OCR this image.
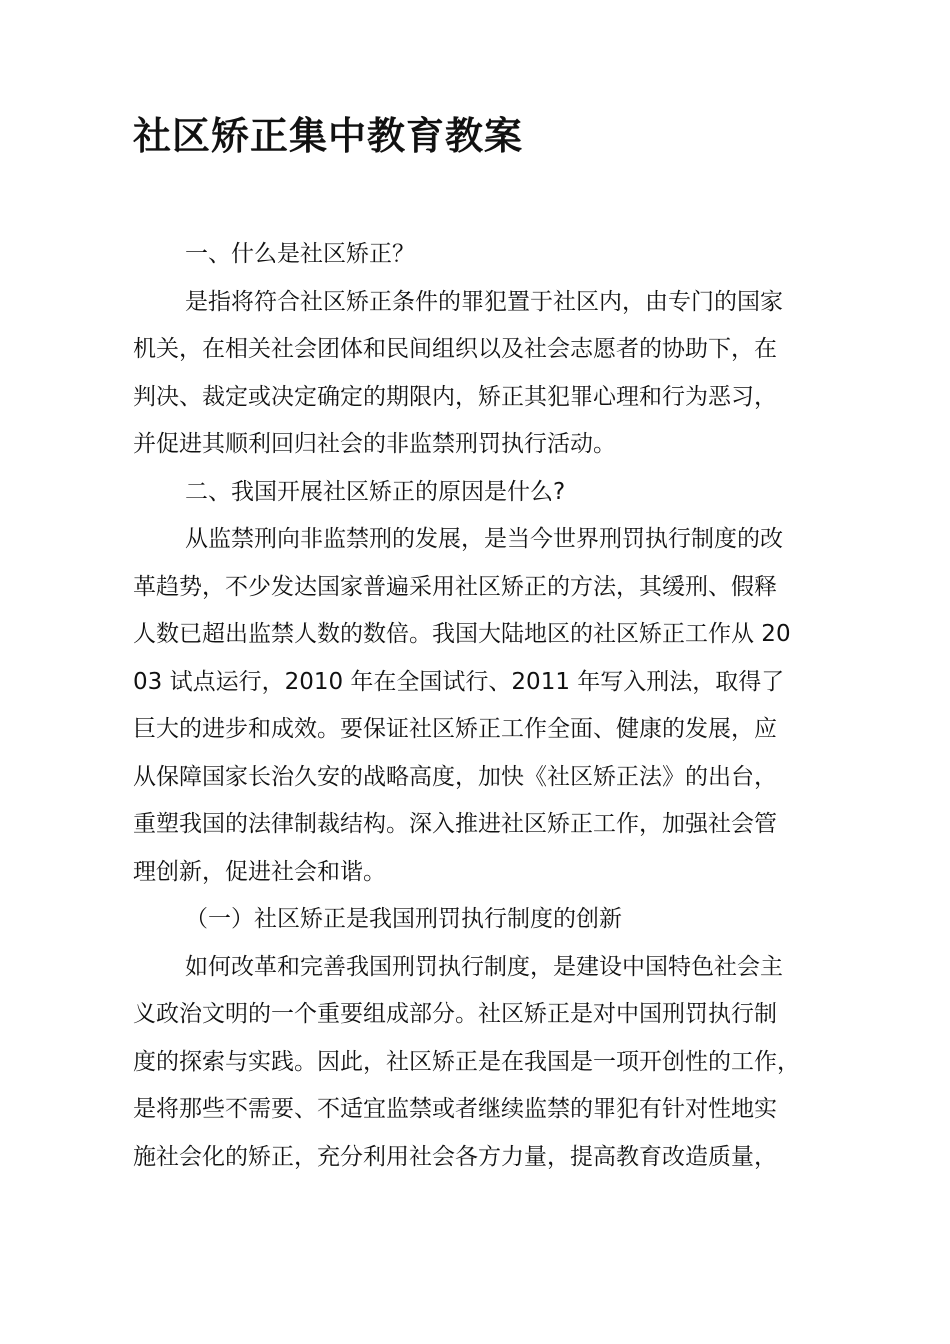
社区矫正集中教育教案
一、什么是社区矫正？
是指将符合社区矫正条件的罪犯置于社区内，由专门的国家
机关，在相关社会团体和民间组织以及社会志愿者的协助下，在
判决、裁定或决定确定的期限内，矫正其犯罪心理和行为恶习，
并促进其顺利回归社会的非监禁刑罚执行活动。
二、我国开展社区矫正的原因是什么?
从监禁刑向非监禁刑的发展，是当今世界刑罚执行制度的改
革趋势，不少发达国家普遍采用社区矫正的方法，其缓刑、假释
人数已超出监禁人数的数倍。我国大陆地区的社区矫正工作从 20
03 试点运行，2010 年在全国试行、2011 年写入刑法，取得了
巨大的进步和成效。要保证社区矫正工作全面、健康的发展，应
从保障国家长治久安的战略高度，加快《社区矫正法》的出台，
重塑我国的法律制裁结构。深入推进社区矫正工作，加强社会管
理创新，促进社会和谐。
（一）社区矫正是我国刑罚执行制度的创新
如何改革和完善我国刑罚执行制度，是建设中国特色社会主
义政治文明的一个重要组成部分。社区矫正是对中国刑罚执行制
度的探索与实践。因此，社区矫正是在我国是一项开创性的工作，
是将那些不需要、不适宜监禁或者继续监禁的罪犯有针对性地实
施社会化的矫正，充分利用社会各方力量，提高教育改造质量，
